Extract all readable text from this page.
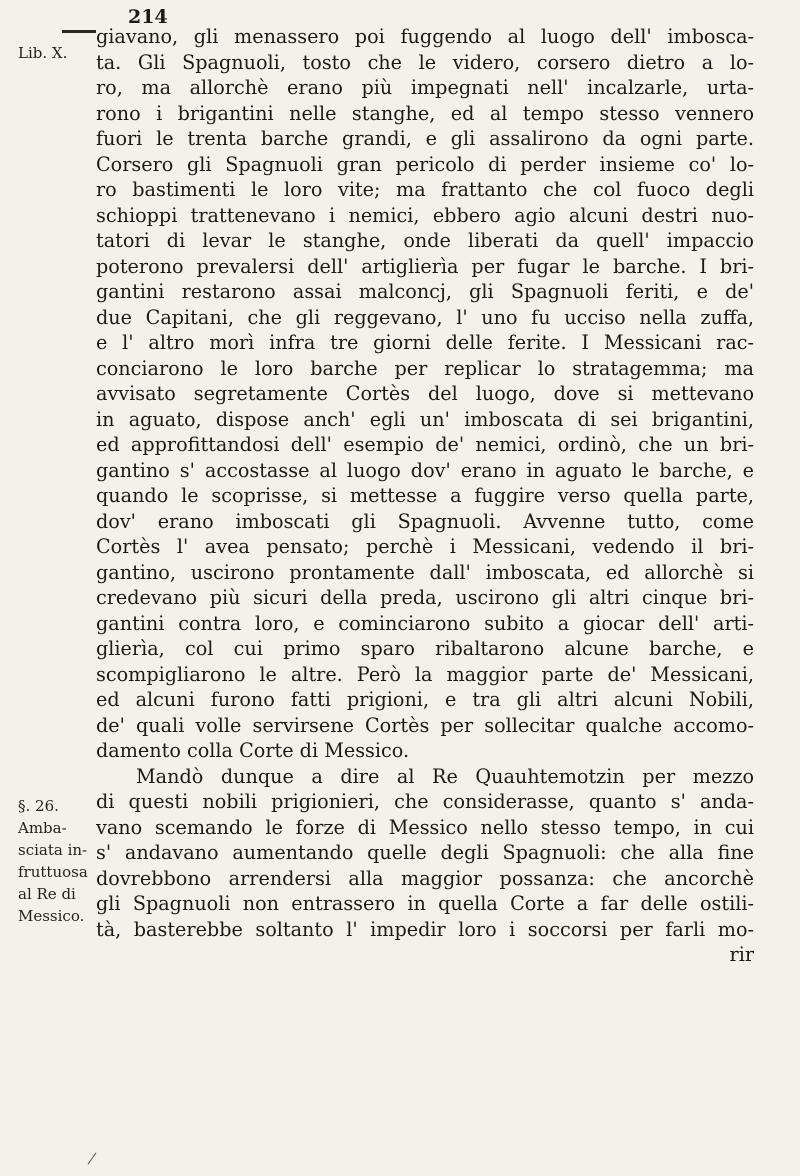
214
Lib. X.
§. 26.
Amba-
sciata in-
fruttuosa
al Re di
Messico.
giavano, gli menassero poi fuggendo al luogo dell' imbosca-
ta. Gli Spagnuoli, tosto che le videro, corsero dietro a lo-
ro, ma allorchè erano più impegnati nell' incalzarle, urta-
rono i brigantini nelle stanghe, ed al tempo stesso vennero
fuori le trenta barche grandi, e gli assalirono da ogni parte.
Corsero gli Spagnuoli gran pericolo di perder insieme co' lo-
ro bastimenti le loro vite; ma frattanto che col fuoco degli
schioppi trattenevano i nemici, ebbero agio alcuni destri nuo-
tatori di levar le stanghe, onde liberati da quell' impaccio
poterono prevalersi dell' artiglierìa per fugar le barche. I bri-
gantini restarono assai malconcj, gli Spagnuoli feriti, e de'
due Capitani, che gli reggevano, l' uno fu ucciso nella zuffa,
e l' altro morì infra tre giorni delle ferite. I Messicani rac-
conciarono le loro barche per replicar lo stratagemma; ma
avvisato segretamente Cortès del luogo, dove si mettevano
in aguato, dispose anch' egli un' imboscata di sei brigantini,
ed approfittandosi dell' esempio de' nemici, ordinò, che un bri-
gantino s' accostasse al luogo dov' erano in aguato le barche, e
quando le scoprisse, si mettesse a fuggire verso quella parte,
dov' erano imboscati gli Spagnuoli. Avvenne tutto, come
Cortès l' avea pensato; perchè i Messicani, vedendo il bri-
gantino, uscirono prontamente dall' imboscata, ed allorchè si
credevano più sicuri della preda, uscirono gli altri cinque bri-
gantini contra loro, e cominciarono subito a giocar dell' arti-
glierìa, col cui primo sparo ribaltarono alcune barche, e
scompigliarono le altre. Però la maggior parte de' Messicani,
ed alcuni furono fatti prigioni, e tra gli altri alcuni Nobili,
de' quali volle servirsene Cortès per sollecitar qualche accomo-
damento colla Corte di Messico.
Mandò dunque a dire al Re Quauhtemotzin per mezzo
di questi nobili prigionieri, che considerasse, quanto s' anda-
vano scemando le forze di Messico nello stesso tempo, in cui
s' andavano aumentando quelle degli Spagnuoli: che alla fine
dovrebbono arrendersi alla maggior possanza: che ancorchè
gli Spagnuoli non entrassero in quella Corte a far delle ostili-
tà, basterebbe soltanto l' impedir loro i soccorsi per farli mo-
rir
